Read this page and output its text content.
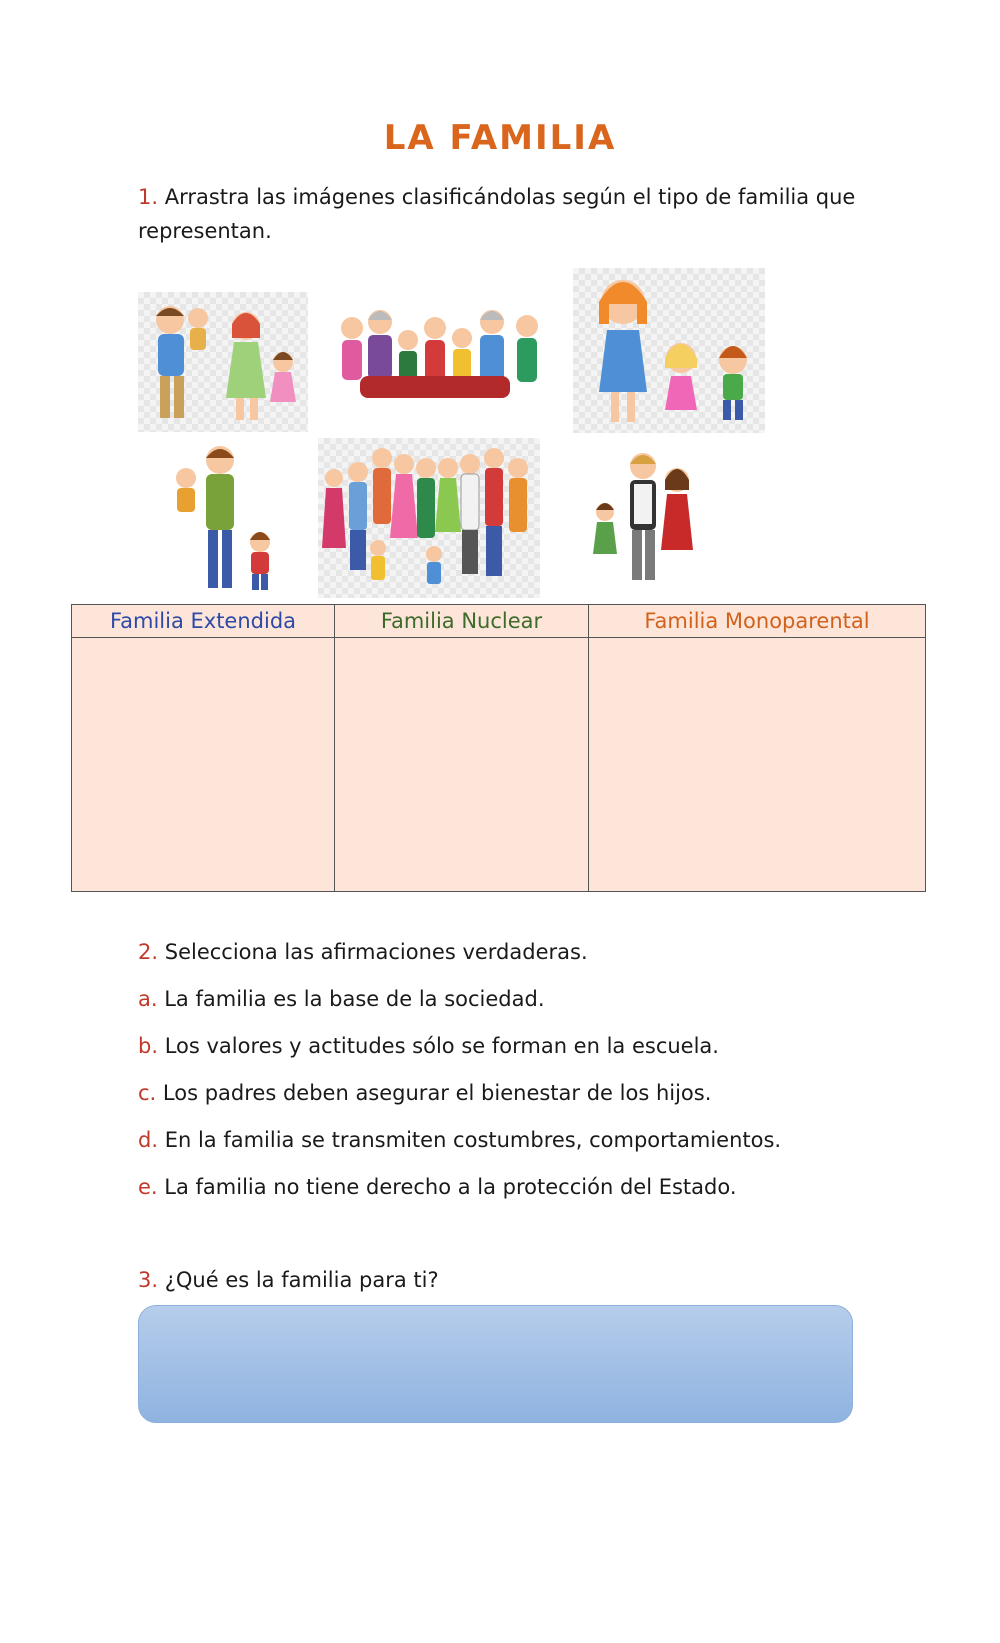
LA FAMILIA
1. Arrastra las imágenes clasificándolas según el tipo de familia que representan.
Familia Extendida	Familia Nuclear	Familia Monoparental
2. Selecciona las afirmaciones verdaderas.
a. La familia es la base de la sociedad.
b. Los valores y actitudes sólo se forman en la escuela.
c. Los padres deben asegurar el bienestar de los hijos.
d. En la familia se transmiten costumbres, comportamientos.
e. La familia no tiene derecho a la protección del Estado.
3. ¿Qué es la familia para ti?
